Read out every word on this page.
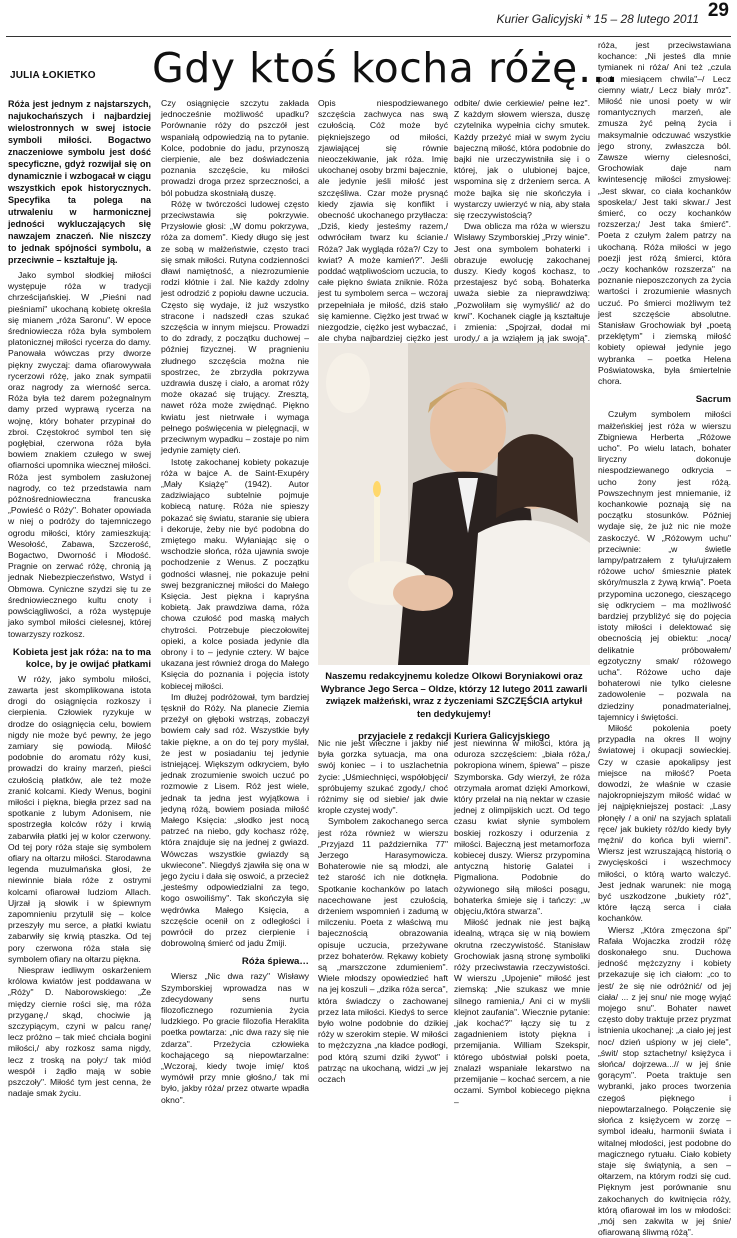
Kurier Galicyjski * 15 – 28 lutego 2011 29
JULIA ŁOKIETKO Gdy ktoś kocha różę…
Róża jest jednym z najstarszych, najukochańszych i najbardziej wielostronnych w swej istocie symboli miłości. Bogactwo znaczeniowe symbolu jest dość specyficzne, gdyż rozwijał się on dynamicznie i wzbogacał w ciągu wszystkich epok historycznych. Specyfika ta polega na utrwaleniu w harmonicznej jedności wykluczających się nawzajem znaczeń. Nie niszczy to jednak spójności symbolu, a przeciwnie – kształtuje ją.

Jako symbol słodkiej miłości występuje róża w tradycji chrześcijańskiej. W „Pieśni nad pieśniami" ukochaną kobietę określa się mianem „róża Saronu". W epoce średniowiecza róża była symbolem platonicznej miłości rycerza do damy. Panowała wówczas przy dworze piękny zwyczaj: dama ofiarowywała rycerzowi różę, jako znak sympatii oraz nagrody za wierność serca. Róża była też darem pożegnalnym damy przed wyprawą rycerza na wojnę, który bohater przypinał do zbroi. Częstokroć symbol ten się pogłębiał, czerwona róża była bowiem znakiem czułego w swej ofiarności upomnika wiecznej miłości. Róża jest symbolem zasłużonej nagrody, co też przedstawia nam późnośredniowieczna francuska „Powieść o Róży". Bohater opowiada w niej o podróży do tajemniczego ogrodu miłości, który zamieszkują: Wesołość, Zabawa, Szczerość, Bogactwo, Dworność i Młodość. Pragnie on zerwać różę, chronią ją jednak Niebezpieczeństwo, Wstyd i Obmowa. Cyniczne szydzi się tu ze średniowiecznego kultu cnoty i powściągliwości, a róża występuje jako symbol miłości cielesnej, której towarzyszy rozkosz.

Kobieta jest jak róża: na to ma kolce, by je owijać płatkami

W róży, jako symbolu miłości, zawarta jest skomplikowana istota drogi do osiągnięcia rozkoszy i cierpienia. Człowiek ryzykuje w drodze do osiągnięcia celu, bowiem nigdy nie może być pewny, że jego zamiary się powiodą. Miłość podobnie do aromatu róży kusi, prowadzi do krainy marzeń, pieści czułością płatków, ale też może zranić kolcami. Kiedy Wenus, bogini miłości i piękna, biegła przez sad na spotkanie z lubym Adonisem, nie spostrzegła kolców róży i krwią zabarwiła płatki jej w kolor czerwony. Od tej pory róża staje się symbolem ofiary na ołtarzu miłości. Starodawna legenda muzułmańska głosi, że niewinnie biała róże z ostrymi kolcami ofiarował ludziom Allach. Ujrzał ją słowik i w śpiewnym zapomnieniu przytulił się – kolce przeszyły mu serce, a płatki kwiatu zabarwiły się krwią ptaszka. Od tej pory czerwona róża stała się symbolem ofiary na ołtarzu piękna.

Niespraw iedliwym oskarżeniem królowa kwiatów jest poddawana w „Róży" D. Naborowskiego: „Że między ciernie rości się, ma róża przyganę,/ skąd, chociwie ją szczypiącym, czyni w palcu ranę/ lecz próżno – tak mieć chciała bogini miłości,/ aby rozkosz sama nigdy, lecz z troską na poły:/ tak miód wespół i żądło mają w sobie pszczoły". Miłość tym jest cenna, że nadaje smak życiu.

Czy osiągnięcie szczytu zakłada jednocześnie możliwość upadku? Porównanie róży do pszczół jest wspaniałą odpowiedzią na to pytanie. Kolce, podobnie do jadu, przynoszą cierpienie, ale bez doświadczenia poznania szczęście, ku miłości prowadzi droga przez sprzeczności, a ból pobudza skostniałą duszę.

Różę w twórczości ludowej często przeciwstawia się pokrzywie. Przysłowie głosi: „W domu pokrzywa, róża za domem". Kiedy długo się jest ze sobą w małżeństwie, często traci się smak miłości. Rutyna codzienności dławi namiętność, a niezrozumienie rodzi kłótnie i żal. Nie każdy zdolny jest odrodzić z popiołu dawne uczucia. Często się wydaje, iż już wszystko stracone i nadszedł czas szukać szczęścia w innym miejscu. Prowadzi to do zdrady, z początku duchowej – później fizycznej. W pragnieniu złudnego szczęścia można nie spostrzec, że zbrzydła pokrzywa uzdrawia duszę i ciało, a aromat róży może okazać się trujący. Zresztą, nawet róża może zwiędnąć. Piękno kwiatu jest nietrwałe i wymaga pełnego poświęcenia w pielęgnacji, w przeciwnym wypadku – zostaje po nim jedynie zamięty cień.

Istotę zakochanej kobiety pokazuje róża w bajce A. de Saint-Exupéry „Mały Książę" (1942). Autor zadziwiająco subtelnie pojmuje kobiecą naturę. Róża nie spieszy pokazać się światu, staranie się ubiera i dekoruje, żeby nie być podobna do zmiętego maku. Wyłaniając się o wschodzie słońca, róża ujawnia swoje pochodzenie z Wenus. Z początku godności własnej, nie pokazuje pełni swej bezgranicznej miłości do Małego Księcia. Jest piękna i kapryśna kobietą. Jak prawdziwa dama, róża chowa czułość pod maską małych chytrości. Potrzebuje pieczołowitej opieki, a kolce posiada jedynie dla obrony i to – jedynie cztery. W bajce ukazana jest również droga do Małego Księcia do poznania i pojęcia istoty kobiecej miłości.

Im dłużej podróżował, tym bardziej tęsknił do Róży. Na planecie Ziemia przeżył on głęboki wstrząs, zobaczył bowiem cały sad róż. Wszystkie były takie piękne, a on do tej pory myślał, że jest w posiadaniu tej jedynie istniejącej. Większym odkryciem, było jednak zrozumienie swoich uczuć po rozmowie z Lisem. Róż jest wiele, jednak ta jedna jest wyjątkowa i jedyną różą, bowiem posiada miłość Małego Księcia: „słodko jest nocą patrzeć na niebo, gdy kochasz różę, która znajduje się na jednej z gwiazd. Wówczas wszystkie gwiazdy są ukwiecone". Niegdyś zjawiła się ona w jego życiu i dała się oswoić, a przecież „jesteśmy odpowiedzialni za tego, kogo oswoiliśmy". Tak skończyła się wędrówka Małego Księcia, a szczęście ocenił on z odległości i powrócił do przez cierpienie i dobrowolną śmierć od jadu Żmiji.

Róża śpiewa…

Wiersz „Nic dwa razy" Wisławy Szymborskiej wprowadza nas w zdecydowany sens nurtu filozoficznego rozumienia życia ludzkiego. Po gracie filozofia Heraklita poetka powtarza: „nic dwa razy się nie zdarza". Przeżycia człowieka kochającego są niepowtarzalne: „Wczoraj, kiedy twoje imię/ ktoś wymówił przy mnie głośno,/ tak mi było, jakby róża/ przez otwarte wpadła okno".

Opis niespodziewanego szczęścia zachwyca nas swą czułością. Cóż może być piękniejszego od miłości, zjawiającej się równie nieoczekiwanie, jak róża. Imię ukochanej osoby brzmi bajecznie, ale jedynie jeśli miłość jest szczęśliwa. Czar może prysnąć kiedy zjawia się konflikt i obecność ukochanego przytłacza: „Dziś, kiedy jesteśmy razem,/ odwróciłam twarz ku ścianie./ Róża? Jak wygląda róża?/ Czy to kwiat? A może kamień?". Jeśli poddać wątpliwościom uczucia, to całe piękno świata zniknie. Róża jest tu symbolem serca – wczoraj przepełniała je miłość, dziś stało się kamienne. Ciężko jest trwać w niezgodzie, ciężko jest wybaczać, ale chyba najbardziej ciężko jest

odbite/ dwie cerkiewie/ pełne łez". Z każdym słowem wiersza, duszę czytelnika wypełnia cichy smutek. Każdy przeżyć miał w swym życiu bajeczną miłość, która podobnie do bajki nie urzeczywistniła się i o której, jak o ulubionej bajce, wspomina się z drżeniem serca. A może bajka się nie skończyła i wystarczy uwierzyć w nią, aby stała się rzeczywistością?

Dwa oblicza ma róża w wierszu Wisławy Szymborskiej „Przy winie". Jest ona symbolem bohaterki i obrazuje ewolucję zakochanej duszy. Kiedy kogoś kochasz, to przestajesz być sobą. Bohaterka uważa siebie za nieprawdziwą: „Pozwoliłam się wymyślić/ aż do krwi". Kochanek ciągle ją kształtuje i zmienia: „Spojrzał, dodał mi urody,/ a ja wziąłem ją jak swoją".

Naszemu redakcyjnemu koledze Olkowi Boryniakowi oraz Wybrance Jego Serca – Oldze, którzy 12 lutego 2011 zawarli związek małżeński, wraz z życzeniami SZCZĘŚCIA artykuł ten dedykujemy!
przyjaciele z redakcji Kuriera Galicyjskiego

Nic nie jest wieczne i jakby nie była gorzka sytuacja, ma ona swój koniec – i to uszlachetnia życie: „Uśmiechnięci, współobjęci/ spróbujemy szukać zgody,/ choć różnimy się od siebie/ jak dwie krople czystej wody".

Symbolem zakochanego serca jest róża również w wierszu „Przyjazd 11 października 77" Jerzego Harasymowicza. Bohaterowie nie są młodzi, ale też starość ich nie dotknęła. Spotkanie kochanków po latach nacechowane jest czułością, drżeniem wspomnień i zadumą w milczeniu. Poeta z właściwą mu bajecznością obrazowania opisuje uczucia, przeżywane przez bohaterów. Rękawy kobiety są „marszczone zdumieniem". Wiele młodszy opowiedzieć haft na jej koszuli – „dzika róża serca", która świadczy o zachowanej przez lata miłości. Kiedyś to serce było wolne podobnie do dzikiej róży w szerokim stepie. W miłości to mężczyzna „na kładce podłogi, pod którą szumi dziki żywot" i patrząc na ukochaną, widzi „w jej oczach

jest niewinna w miłości, która ją oduroza szczęściem: „biała róża,/ pokropiona winem, śpiewa" – pisze Szymborska. Gdy wierzył, że róża otrzymała aromat dzięki Amorkowi, który przelał na nią nektar w czasie jednej z olimpijskich uczt. Od tego czasu kwiat słynie symbolem boskiej rozkoszy i odurzenia z miłości. Bajeczną jest metamorfoza kobiecej duszy. Wiersz przypomina antyczną historię Galatei i Pigmaliona. Podobnie do ożywionego siłą miłości posągu, bohaterka śmieje się i tańczy: „w objęciu,/która stwarza".

Miłość jednak nie jest bajką idealną, wtrąca się w nią bowiem okrutna rzeczywistość. Stanisław Grochowiak jasną stronę symboliki róży przeciwstawia rzeczywistości. W wierszu „Upojenie" miłość jest ziemską: „Nie szukasz we mnie silnego ramienia,/ Ani ci w myśli klejnot zaufania". Wiecznie pytanie: „jak kochać?" łączy się tu z zagadnieniem istoty piękna i przemijania. William Szekspir, którego ubóstwiał polski poeta, znalazł wspaniałe lekarstwo na przemijanie – kochać sercem, a nie oczami. Symbol kobiecego piękna –

róża, jest przeciwstawiana kochance: „Ni jesteś dla mnie tymianek ni róża/ Ani też „czula pod miesiącem chwila"–/ Lecz ciemny wiatr,/ Lecz biały mróz". Miłość nie unosi poety w wir romantycznych marzeń, ale zmusza żyć pełną życia i maksymalnie odczuwać wszystkie jego strony, zwłaszcza ból. Zawsze wierny cielesności, Grochowiak daje nam kwintesencję miłości zmysłowej: „Jest skwar, co ciała kochanków sposkela;/ Jest taki skwar./ Jest śmierć, co oczy kochanków rozszerza;/ Jest taka śmierć". Poeta z czułym żalem patrzy na ukochaną. Róża miłości w jego poezji jest różą śmierci, która „oczy kochanków rozszerza" na poznanie nieposzczonych za życia wartości i zrozumienie własnych uczuć. Po śmierci możliwym też jest szczęście absolutne. Stanisław Grochowiak był „poetą przeklętym" i ziemską miłość kobiety opiewał jedynie jego wybranka – poetka Helena Poświatowska, była śmiertelnie chora.

Sacrum

Czułym symbolem miłości małżeńskiej jest róża w wierszu Zbigniewa Herberta „Różowe ucho". Po wielu latach, bohater liryczny dokonuje niespodziewanego odkrycia – ucho żony jest różą. Powszechnym jest mniemanie, iż kochankowie poznają się na początku stosunków. Później wydaje się, że już nic nie może zaskoczyć. W „Różowym uchu" przeciwnie: „w świetle lampy/patrzałem z tyłu/ujrzałem różowe ucho/ śmiesznie płatek skóry/muszla z żywą krwią". Poeta przypomina uczonego, cieszącego się odkryciem – ma możliwość bardziej przybliżyć się do pojęcia istoty miłości i delektować się obecnością jej obiektu: „nocą/ delikatnie próbowałem/ egzotyczny smak/ różowego ucha". Różowe ucho daje bohaterowi nie tylko cielesne zadowolenie – pozwala na dziedziny ponadmaterialnej, tajemnicy i świętości.

Miłość pokolenia poety przypadła na okres II wojny światowej i okupacji sowieckiej. Czy w czasie apokalipsy jest miejsce na miłość? Poeta dowodzi, że właśnie w czasie najokropniejszym miłość widać w jej najpiękniejszej postaci: „Lasy płonęły / a oni/ na szyjach splatali ręce/ jak bukiety róż/do kiedy były mężni/ do końca byli wierni". Wiersz jest wzruszającą historią o zwycięskości i wszechmocy miłości, o którą warto walczyć. Jest jednak warunek: nie mogą być uszkodzone „bukiety róż", które łączą serca i ciała kochanków.

Wiersz „Która zmęczona śpi" Rafała Wojaczka zrodził różę doskonałego snu. Duchowa jedność mężczyzny i kobiety przekazuje się ich ciałom: „co to jest/ że się nie odróżnić/ od jej ciała/ ... z jej snu/ nie mogę wyjąć mojego snu". Bohater nawet często doby traktuje przez pryzmat istnienia ukochanej: „a ciało jej jest noc/ dzień uśpiony w jej ciele", „świt/ stop sztachetny/ księżyca i słońca/ dojrzewa...// w jej śnie gorącym". Poeta traktuje sen wybranki, jako proces tworzenia czegoś pięknego i niepowtarzalnego. Połączenie się słońca z księżycem w zorzę – symbol ideału, harmonii świata i witalnej młodości, jest podobne do magicznego rytuału. Ciało kobiety staje się świątynią, a sen – ołtarzem, na którym rodzi się cud. Pięknym jest porównanie snu zakochanych do kwitnięcia róży, którą ofiarował im los w młodości: „mój sen zakwita w jej śnie/ ofiarowaną śliwmą różą".
